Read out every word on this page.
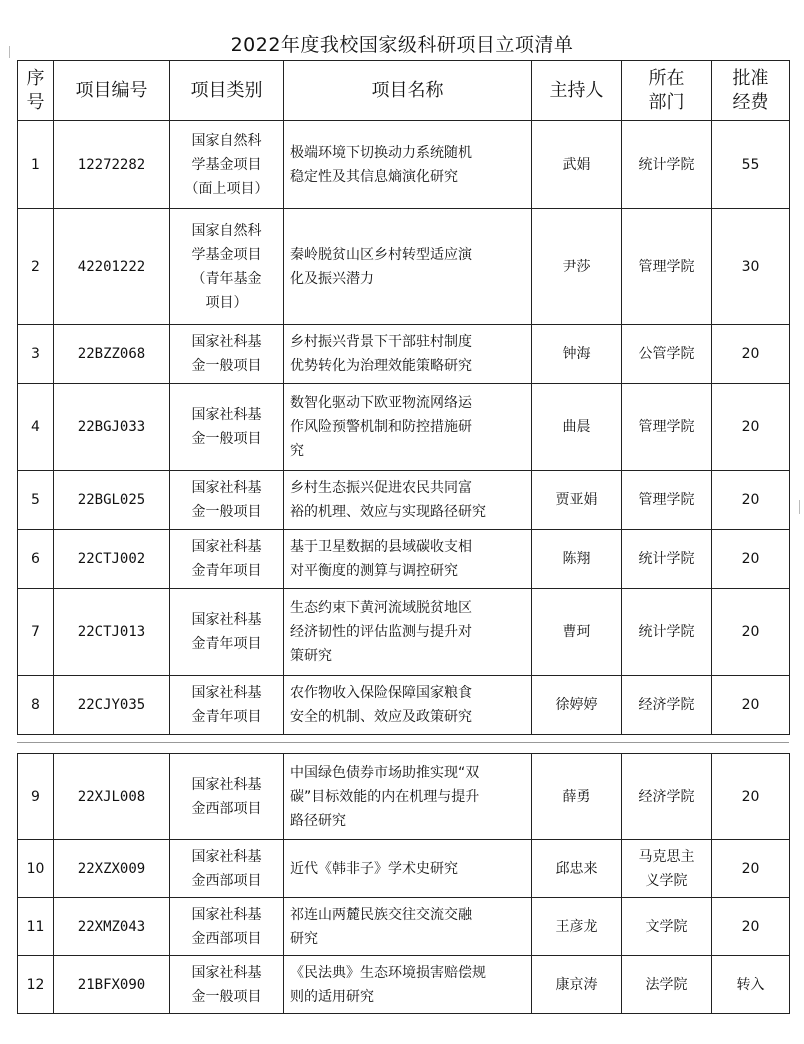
2022年度我校国家级科研项目立项清单
序
号	项目编号	项目类别	项目名称	主持人	所在
部门	批准
经费
1	12272282	国家自然科
学基金项目
（面上项目）	极端环境下切换动力系统随机
稳定性及其信息熵演化研究	武娟	统计学院	55
2	42201222	国家自然科
学基金项目
（青年基金
项目）	秦岭脱贫山区乡村转型适应演
化及振兴潜力	尹莎	管理学院	30
3	22BZZ068	国家社科基
金一般项目	乡村振兴背景下干部驻村制度
优势转化为治理效能策略研究	钟海	公管学院	20
4	22BGJ033	国家社科基
金一般项目	数智化驱动下欧亚物流网络运
作风险预警机制和防控措施研
究	曲晨	管理学院	20
5	22BGL025	国家社科基
金一般项目	乡村生态振兴促进农民共同富
裕的机理、效应与实现路径研究	贾亚娟	管理学院	20
6	22CTJ002	国家社科基
金青年项目	基于卫星数据的县域碳收支相
对平衡度的测算与调控研究	陈翔	统计学院	20
7	22CTJ013	国家社科基
金青年项目	生态约束下黄河流域脱贫地区
经济韧性的评估监测与提升对
策研究	曹珂	统计学院	20
8	22CJY035	国家社科基
金青年项目	农作物收入保险保障国家粮食
安全的机制、效应及政策研究	徐婷婷	经济学院	20
9	22XJL008	国家社科基
金西部项目	中国绿色债券市场助推实现“双
碳”目标效能的内在机理与提升
路径研究	薛勇	经济学院	20
10	22XZX009	国家社科基
金西部项目	近代《韩非子》学术史研究	邱忠来	马克思主
义学院	20
11	22XMZ043	国家社科基
金西部项目	祁连山两麓民族交往交流交融
研究	王彦龙	文学院	20
12	21BFX090	国家社科基
金一般项目	《民法典》生态环境损害赔偿规
则的适用研究	康京涛	法学院	转入
